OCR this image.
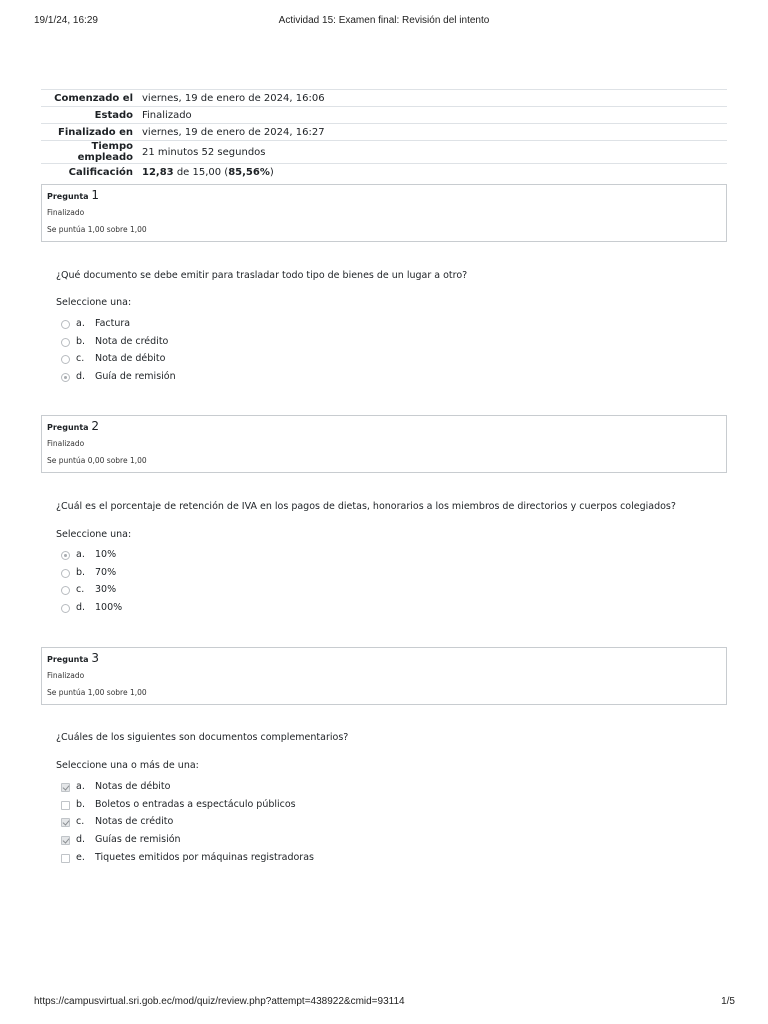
19/1/24, 16:29	Actividad 15: Examen final: Revisión del intento
Comenzado el	viernes, 19 de enero de 2024, 16:06
Estado	Finalizado
Finalizado en	viernes, 19 de enero de 2024, 16:27
Tiempo empleado	21 minutos 52 segundos
Calificación	12,83 de 15,00 (85,56%)
Pregunta 1
Finalizado
Se puntúa 1,00 sobre 1,00
¿Qué documento se debe emitir para trasladar todo tipo de bienes de un lugar a otro?
Seleccione una:
a. Factura
b. Nota de crédito
c. Nota de débito
d. Guía de remisión
Pregunta 2
Finalizado
Se puntúa 0,00 sobre 1,00
¿Cuál es el porcentaje de retención de IVA en los pagos de dietas, honorarios a los miembros de directorios y cuerpos colegiados?
Seleccione una:
a. 10%
b. 70%
c. 30%
d. 100%
Pregunta 3
Finalizado
Se puntúa 1,00 sobre 1,00
¿Cuáles de los siguientes son documentos complementarios?
Seleccione una o más de una:
a. Notas de débito
b. Boletos o entradas a espectáculo públicos
c. Notas de crédito
d. Guías de remisión
e. Tiquetes emitidos por máquinas registradoras
https://campusvirtual.sri.gob.ec/mod/quiz/review.php?attempt=438922&cmid=93114	1/5
